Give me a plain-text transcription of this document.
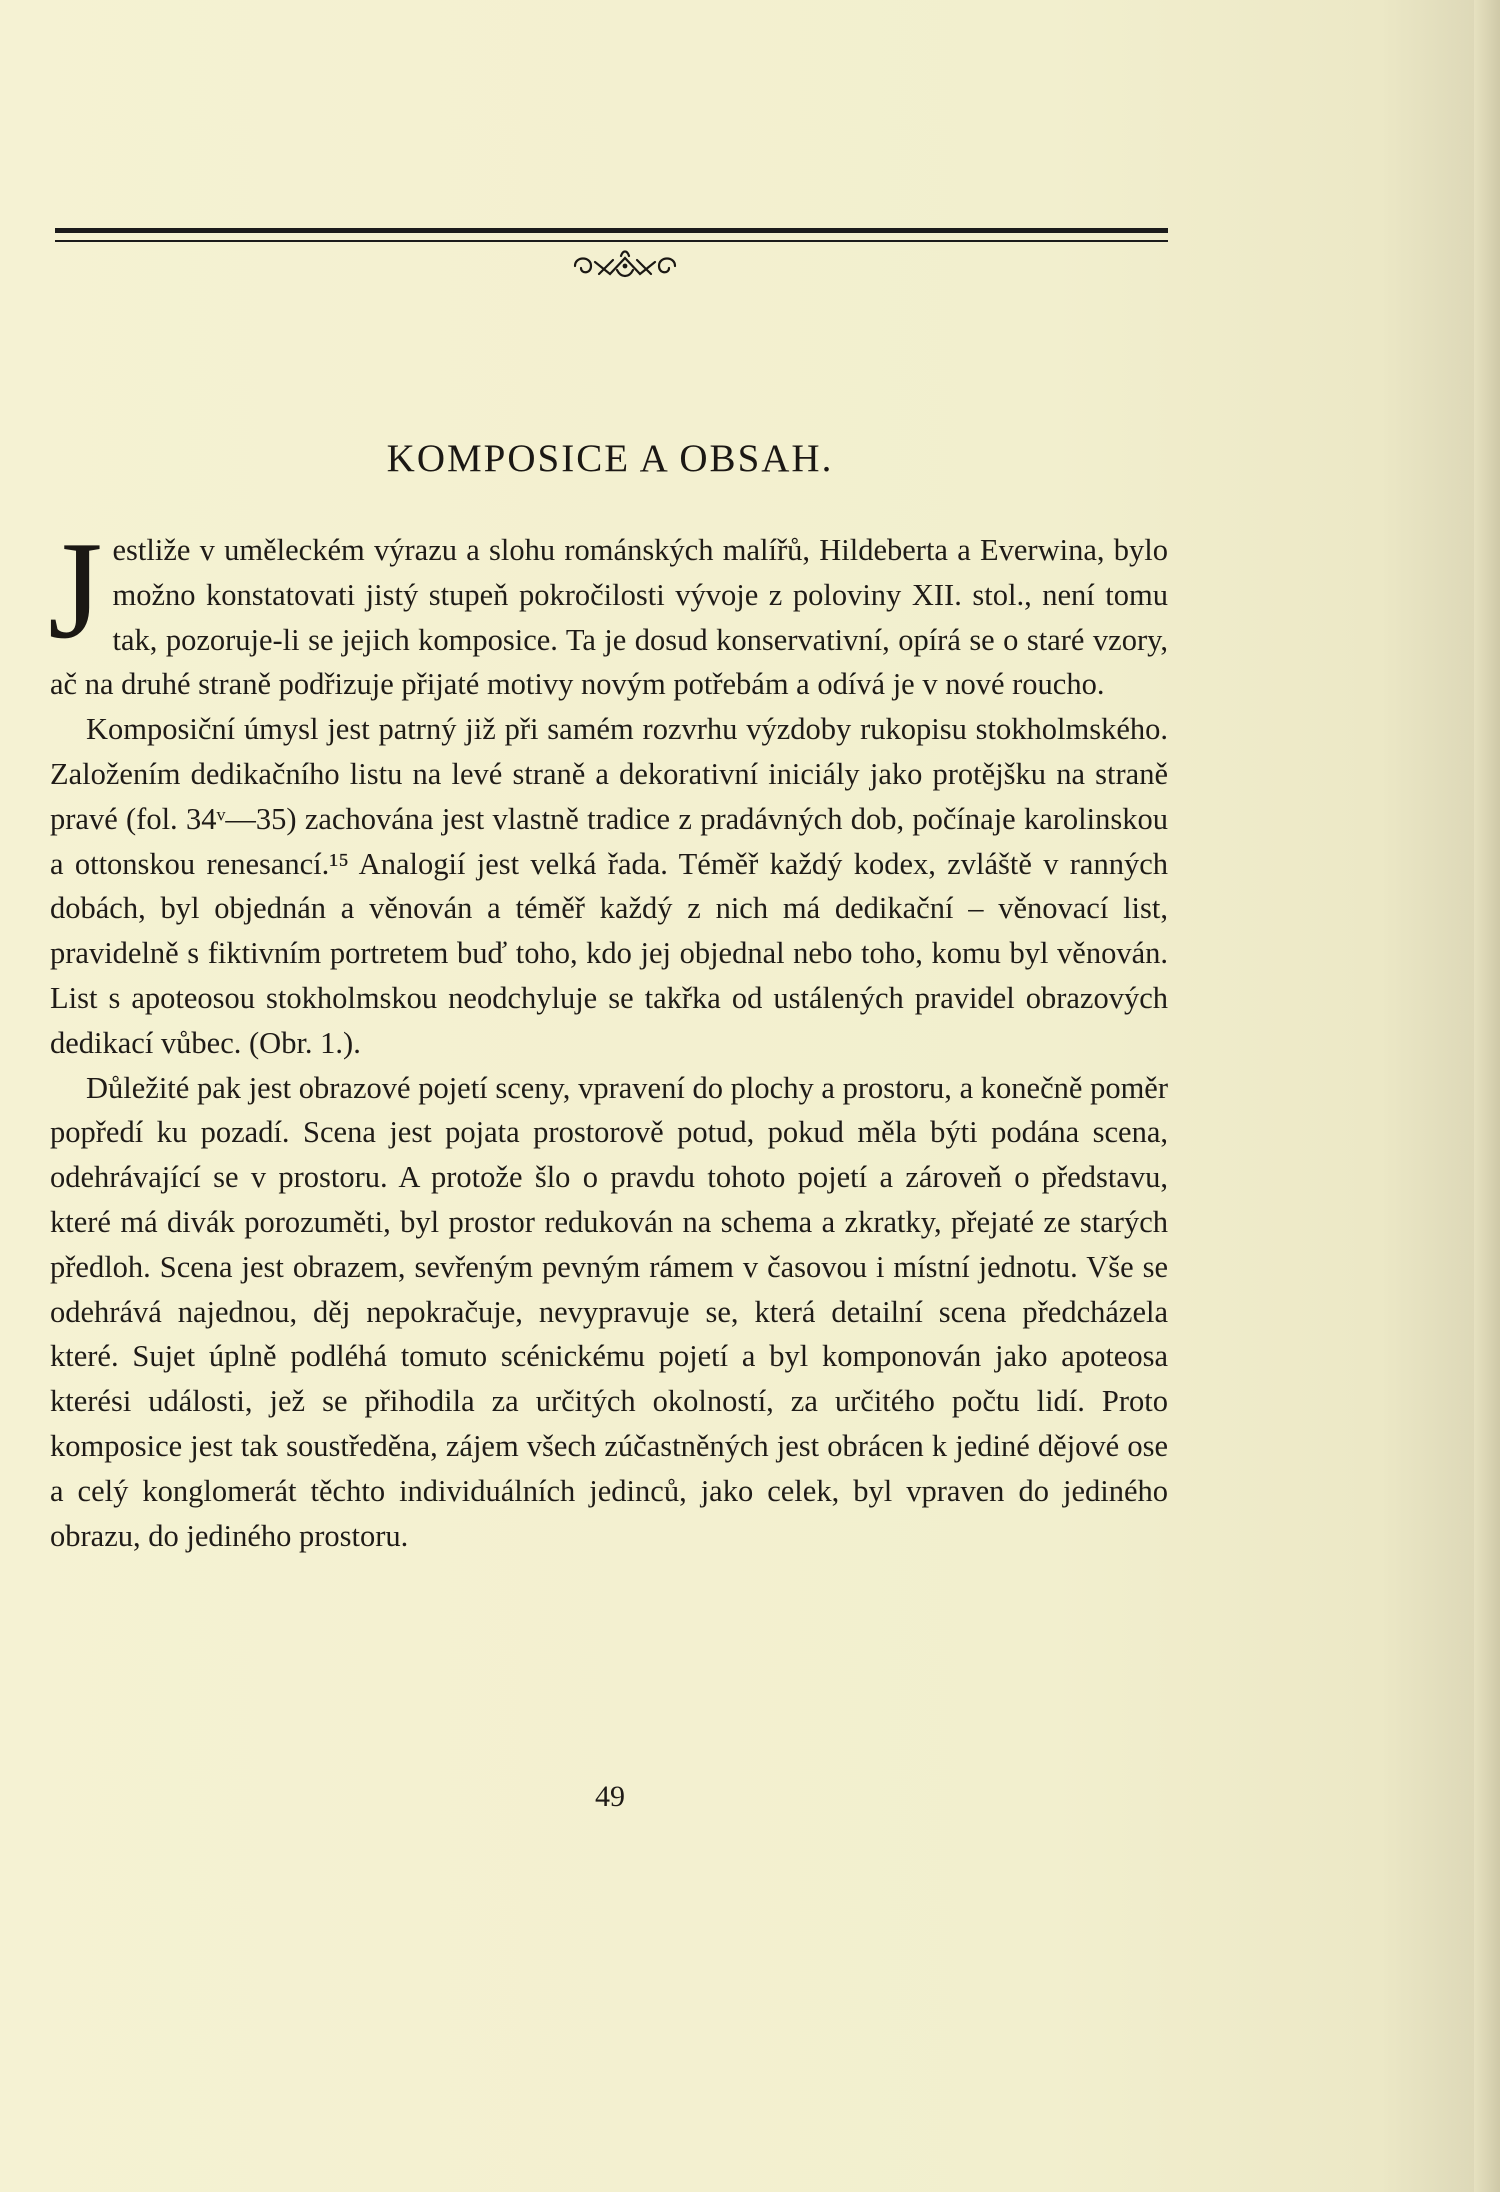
KOMPOSICE A OBSAH.

Jestliže v uměleckém výrazu a slohu románských malířů, Hildeberta a Everwina, bylo možno konstatovati jistý stupeň pokročilosti vývoje z poloviny XII. stol., není tomu tak, pozoruje-li se jejich komposice. Ta je dosud konservativní, opírá se o staré vzory, ač na druhé straně podřizuje přijaté motivy novým potřebám a odívá je v nové roucho.

Komposiční úmysl jest patrný již při samém rozvrhu výzdoby rukopisu stokholmského. Založením dedikačního listu na levé straně a dekorativní iniciály jako protějšku na straně pravé (fol. 34ᵛ—35) zachována jest vlastně tradice z pradávných dob, počínaje karolinskou a ottonskou renesancí.¹⁵ Analogií jest velká řada. Téměř každý kodex, zvláště v ranných dobách, byl objednán a věnován a téměř každý z nich má dedikační – věnovací list, pravidelně s fiktivním portretem buď toho, kdo jej objednal nebo toho, komu byl věnován. List s apoteosou stokholmskou neodchyluje se takřka od ustálených pravidel obrazových dedikací vůbec. (Obr. 1.).

Důležité pak jest obrazové pojetí sceny, vpravení do plochy a prostoru, a konečně poměr popředí ku pozadí. Scena jest pojata prostorově potud, pokud měla býti podána scena, odehrávající se v prostoru. A protože šlo o pravdu tohoto pojetí a zároveň o představu, které má divák porozuměti, byl prostor redukován na schema a zkratky, přejaté ze starých předloh. Scena jest obrazem, sevřeným pevným rámem v časovou i místní jednotu. Vše se odehrává najednou, děj nepokračuje, nevypravuje se, která detailní scena předcházela které. Sujet úplně podléhá tomuto scénickému pojetí a byl komponován jako apoteosa kterési události, jež se přihodila za určitých okolností, za určitého počtu lidí. Proto komposice jest tak soustředěna, zájem všech zúčastněných jest obrácen k jediné dějové ose a celý konglomerát těchto individuálních jedinců, jako celek, byl vpraven do jediného obrazu, do jediného prostoru.

49
